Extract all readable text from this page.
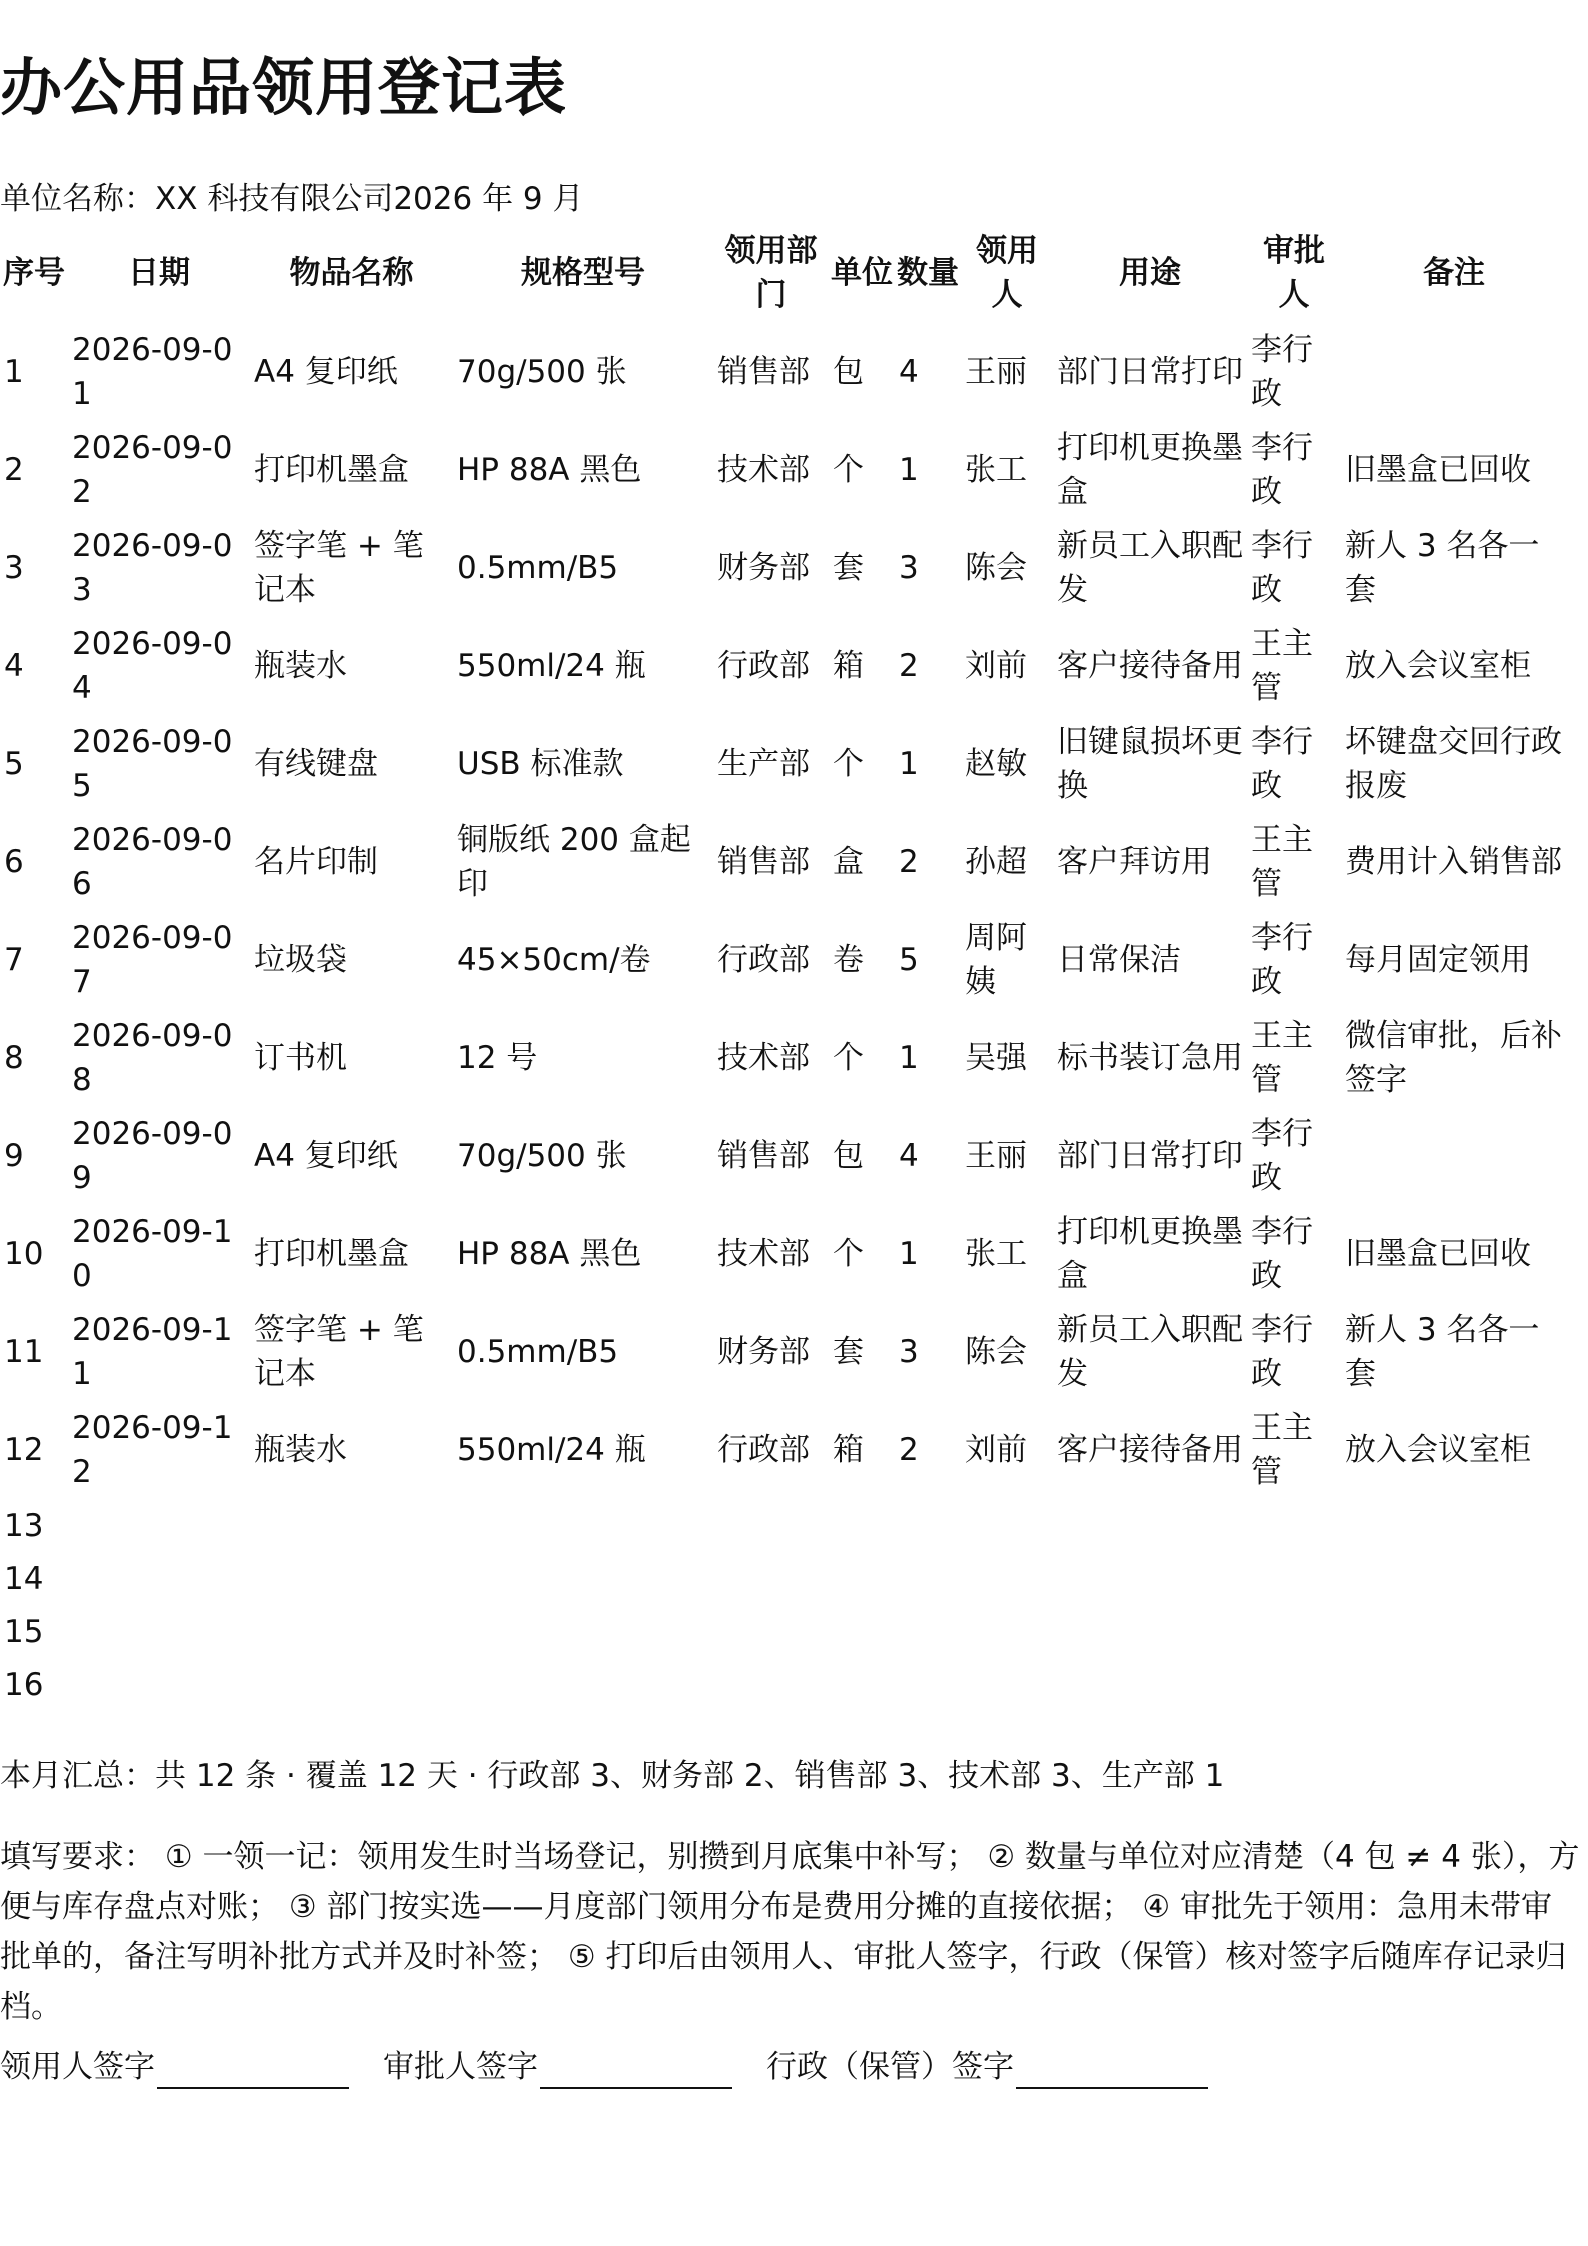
办公用品领用登记表
单位名称：XX 科技有限公司2026 年 9 月
序号	日期	物品名称	规格型号	领用部门	单位	数量	领用人	用途	审批人	备注
1	2026-09-01	A4 复印纸	70g/500 张	销售部	包	4	王丽	部门日常打印	李行政	
2	2026-09-02	打印机墨盒	HP 88A 黑色	技术部	个	1	张工	打印机更换墨盒	李行政	旧墨盒已回收
3	2026-09-03	签字笔 + 笔记本	0.5mm/B5	财务部	套	3	陈会	新员工入职配发	李行政	新人 3 名各一套
4	2026-09-04	瓶装水	550ml/24 瓶	行政部	箱	2	刘前	客户接待备用	王主管	放入会议室柜
5	2026-09-05	有线键盘	USB 标准款	生产部	个	1	赵敏	旧键鼠损坏更换	李行政	坏键盘交回行政报废
6	2026-09-06	名片印制	铜版纸 200 盒起印	销售部	盒	2	孙超	客户拜访用	王主管	费用计入销售部
7	2026-09-07	垃圾袋	45×50cm/卷	行政部	卷	5	周阿姨	日常保洁	李行政	每月固定领用
8	2026-09-08	订书机	12 号	技术部	个	1	吴强	标书装订急用	王主管	微信审批，后补签字
9	2026-09-09	A4 复印纸	70g/500 张	销售部	包	4	王丽	部门日常打印	李行政	
10	2026-09-10	打印机墨盒	HP 88A 黑色	技术部	个	1	张工	打印机更换墨盒	李行政	旧墨盒已回收
11	2026-09-11	签字笔 + 笔记本	0.5mm/B5	财务部	套	3	陈会	新员工入职配发	李行政	新人 3 名各一套
12	2026-09-12	瓶装水	550ml/24 瓶	行政部	箱	2	刘前	客户接待备用	王主管	放入会议室柜
13										
14										
15										
16										
本月汇总：共 12 条 · 覆盖 12 天 · 行政部 3、财务部 2、销售部 3、技术部 3、生产部 1
填写要求： ① 一领一记：领用发生时当场登记，别攒到月底集中补写； ② 数量与单位对应清楚（4 包 ≠ 4 张），方便与库存盘点对账； ③ 部门按实选——月度部门领用分布是费用分摊的直接依据； ④ 审批先于领用：急用未带审批单的，备注写明补批方式并及时补签； ⑤ 打印后由领用人、审批人签字，行政（保管）核对签字后随库存记录归档。
领用人签字	审批人签字	行政（保管）签字
